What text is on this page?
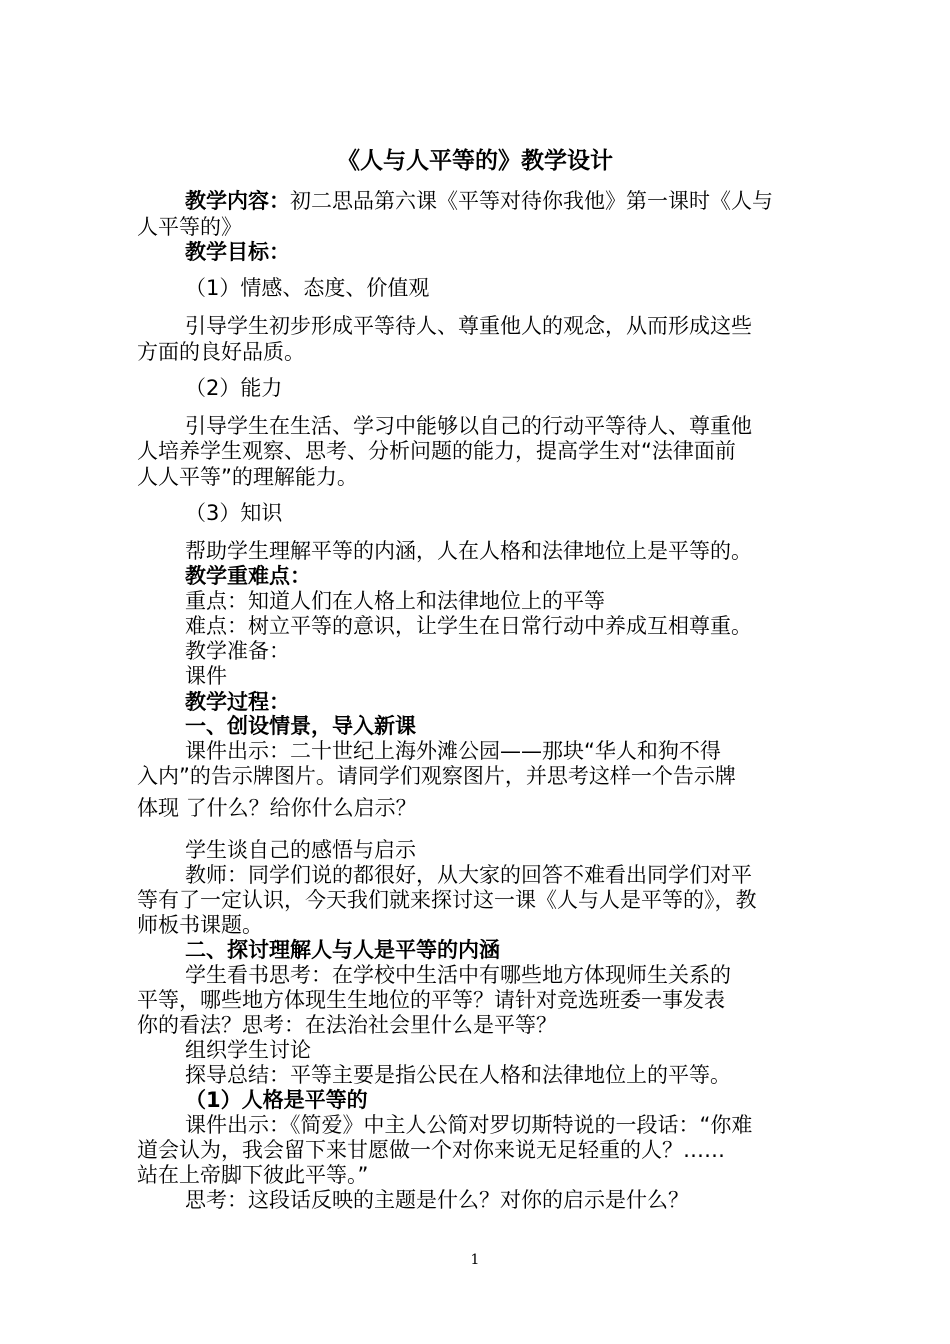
《人与人平等的》教学设计
教学内容：初二思品第六课《平等对待你我他》第一课时《人与
人平等的》
教学目标：
（1）情感、态度、价值观
引导学生初步形成平等待人、尊重他人的观念，从而形成这些
方面的良好品质。
（2）能力
引导学生在生活、学习中能够以自己的行动平等待人、尊重他
人培养学生观察、思考、分析问题的能力，提高学生对“法律面前
人人平等”的理解能力。
（3）知识
帮助学生理解平等的内涵，人在人格和法律地位上是平等的。
教学重难点：
重点：知道人们在人格上和法律地位上的平等
难点：树立平等的意识，让学生在日常行动中养成互相尊重。
教学准备：
课件
教学过程：
一、创设情景，导入新课
课件出示：二十世纪上海外滩公园——那块“华人和狗不得
入内”的告示牌图片。请同学们观察图片，并思考这样一个告示牌
体现 了什么？给你什么启示？
学生谈自己的感悟与启示
教师：同学们说的都很好，从大家的回答不难看出同学们对平
等有了一定认识，今天我们就来探讨这一课《人与人是平等的》，教
师板书课题。
二、探讨理解人与人是平等的内涵
学生看书思考：在学校中生活中有哪些地方体现师生关系的
平等，哪些地方体现生生地位的平等？请针对竞选班委一事发表
你的看法？思考：在法治社会里什么是平等？
组织学生讨论
探导总结：平等主要是指公民在人格和法律地位上的平等。
（1）人格是平等的
课件出示：《简爱》中主人公简对罗切斯特说的一段话：“你难
道会认为，我会留下来甘愿做一个对你来说无足轻重的人？……
站在上帝脚下彼此平等。”
思考：这段话反映的主题是什么？对你的启示是什么？
1
